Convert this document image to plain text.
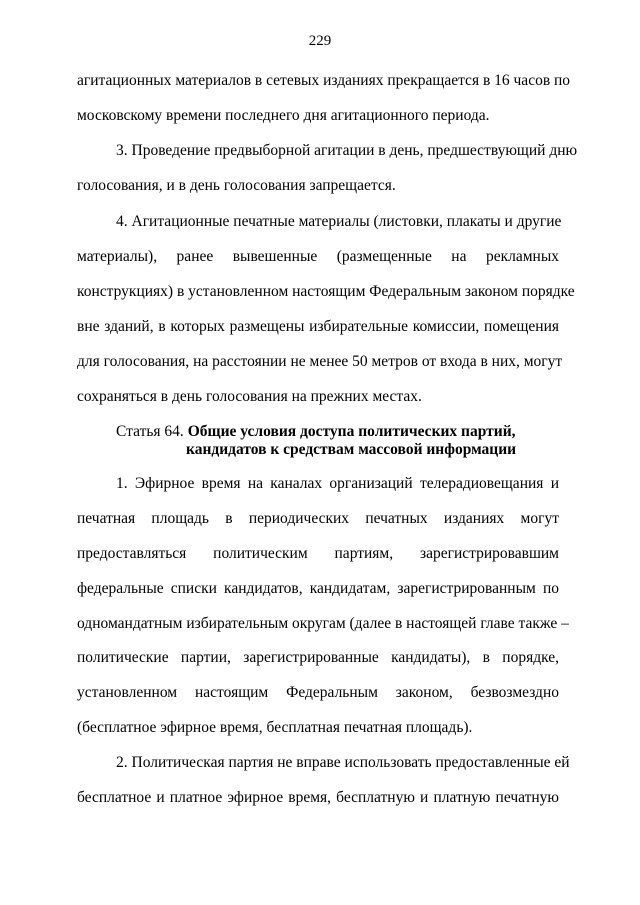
229
агитационных материалов в сетевых изданиях прекращается в 16 часов по
московскому времени последнего дня агитационного периода.
3. Проведение предвыборной агитации в день, предшествующий дню
голосования, и в день голосования запрещается.
4. Агитационные печатные материалы (листовки, плакаты и другие
материалы), ранее вывешенные (размещенные на рекламных
конструкциях) в установленном настоящим Федеральным законом порядке
вне зданий, в которых размещены избирательные комиссии, помещения
для голосования, на расстоянии не менее 50 метров от входа в них, могут
сохраняться в день голосования на прежних местах.
Статья 64. Общие условия доступа политических партий,
кандидатов к средствам массовой информации
1. Эфирное время на каналах организаций телерадиовещания и
печатная площадь в периодических печатных изданиях могут
предоставляться политическим партиям, зарегистрировавшим
федеральные списки кандидатов, кандидатам, зарегистрированным по
одномандатным избирательным округам (далее в настоящей главе также –
политические партии, зарегистрированные кандидаты), в порядке,
установленном настоящим Федеральным законом, безвозмездно
(бесплатное эфирное время, бесплатная печатная площадь).
2. Политическая партия не вправе использовать предоставленные ей
бесплатное и платное эфирное время, бесплатную и платную печатную
